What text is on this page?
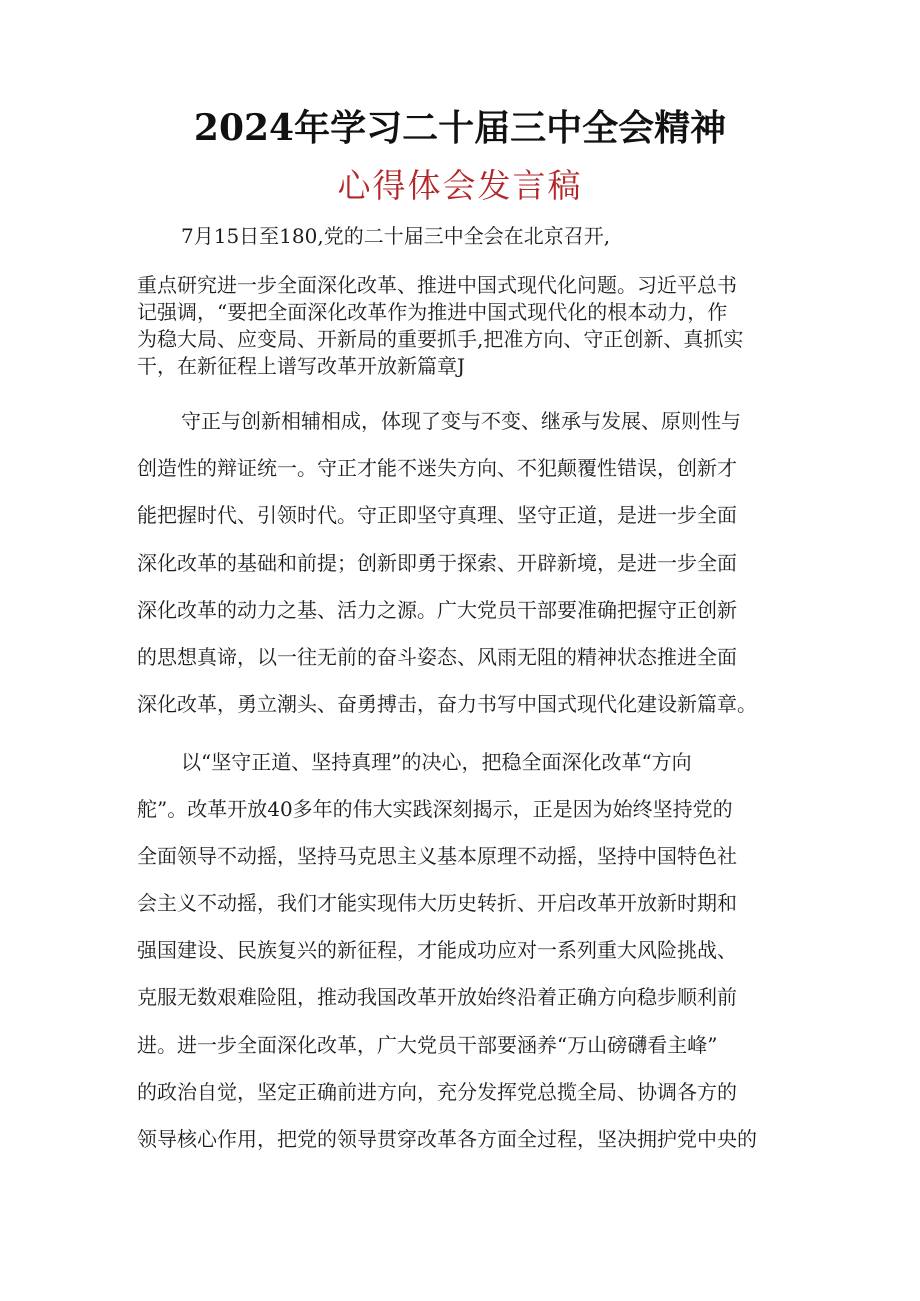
2024年学习二十届三中全会精神
心得体会发言稿
7月15日至180,党的二十届三中全会在北京召开,
重点研究进一步全面深化改革、推进中国式现代化问题。习近平总书
记强调，“要把全面深化改革作为推进中国式现代化的根本动力，作
为稳大局、应变局、开新局的重要抓手,把准方向、守正创新、真抓实
干，在新征程上谱写改革开放新篇章J
守正与创新相辅相成，体现了变与不变、继承与发展、原则性与
创造性的辩证统一。守正才能不迷失方向、不犯颠覆性错误，创新才
能把握时代、引领时代。守正即坚守真理、坚守正道，是进一步全面
深化改革的基础和前提；创新即勇于探索、开辟新境，是进一步全面
深化改革的动力之基、活力之源。广大党员干部要准确把握守正创新
的思想真谛，以一往无前的奋斗姿态、风雨无阻的精神状态推进全面
深化改革，勇立潮头、奋勇搏击，奋力书写中国式现代化建设新篇章。
以“坚守正道、坚持真理”的决心，把稳全面深化改革“方向
舵”。改革开放40多年的伟大实践深刻揭示，正是因为始终坚持党的
全面领导不动摇，坚持马克思主义基本原理不动摇，坚持中国特色社
会主义不动摇，我们才能实现伟大历史转折、开启改革开放新时期和
强国建设、民族复兴的新征程，才能成功应对一系列重大风险挑战、
克服无数艰难险阻，推动我国改革开放始终沿着正确方向稳步顺利前
进。进一步全面深化改革，广大党员干部要涵养“万山磅礴看主峰”
的政治自觉，坚定正确前进方向，充分发挥党总揽全局、协调各方的
领导核心作用，把党的领导贯穿改革各方面全过程，坚决拥护党中央的
